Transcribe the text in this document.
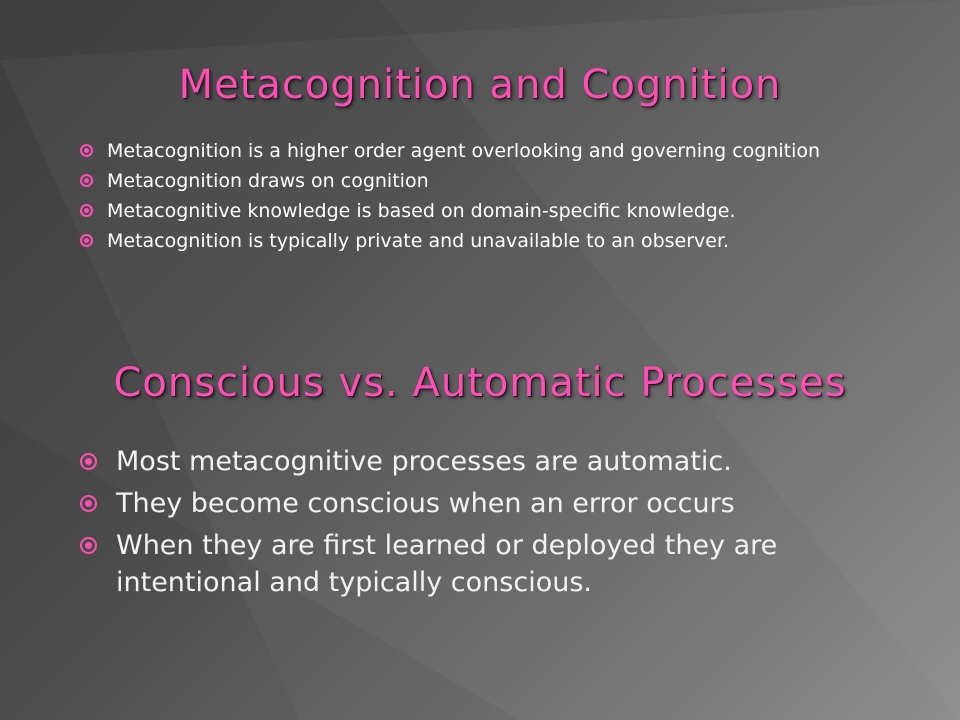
Metacognition and Cognition
Metacognition is a higher order agent overlooking and governing cognition
Metacognition draws on cognition
Metacognitive knowledge is based on domain-specific knowledge.
Metacognition is typically private and unavailable to an observer.
Conscious vs. Automatic Processes
Most metacognitive processes are automatic.
They become conscious when an error occurs
When they are first learned or deployed they are intentional and typically conscious.
